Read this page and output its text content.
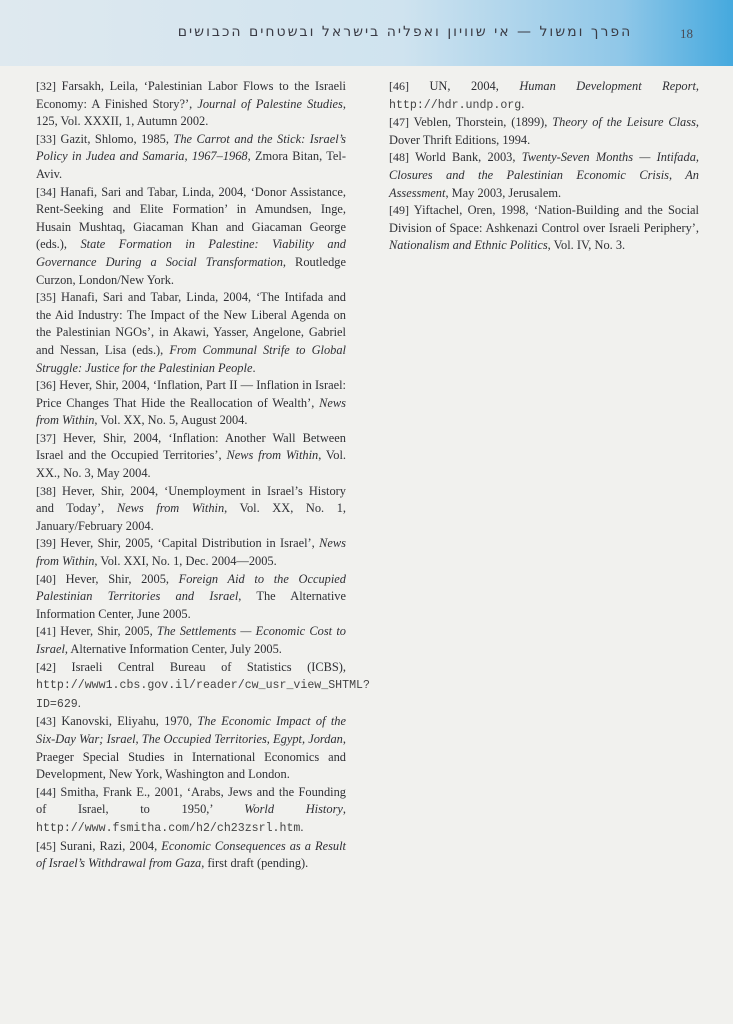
הפרך ומשול — אי שוויון ואפליה בישראל ובשטחים הכבושים	18

[32] Farsakh, Leila, ‘Palestinian Labor Flows to the Israeli Economy: A Finished Story?’, Journal of Palestine Studies, 125, Vol. XXXII, 1, Autumn 2002.

[33] Gazit, Shlomo, 1985, The Carrot and the Stick: Israel’s Policy in Judea and Samaria, 1967–1968, Zmora Bitan, Tel-Aviv.

[34] Hanafi, Sari and Tabar, Linda, 2004, ‘Donor Assistance, Rent-Seeking and Elite Formation’ in Amundsen, Inge, Husain Mushtaq, Giacaman Khan and Giacaman George (eds.), State Formation in Palestine: Viability and Governance During a Social Transformation, Routledge Curzon, London/New York.

[35] Hanafi, Sari and Tabar, Linda, 2004, ‘The Intifada and the Aid Industry: The Impact of the New Liberal Agenda on the Palestinian NGOs’, in Akawi, Yasser, Angelone, Gabriel and Nessan, Lisa (eds.), From Communal Strife to Global Struggle: Justice for the Palestinian People.

[36] Hever, Shir, 2004, ‘Inflation, Part II — Inflation in Israel: Price Changes That Hide the Reallocation of Wealth’, News from Within, Vol. XX, No. 5, August 2004.

[37] Hever, Shir, 2004, ‘Inflation: Another Wall Between Israel and the Occupied Territories’, News from Within, Vol. XX., No. 3, May 2004.

[38] Hever, Shir, 2004, ‘Unemployment in Israel’s History and Today’, News from Within, Vol. XX, No. 1, January/February 2004.

[39] Hever, Shir, 2005, ‘Capital Distribution in Israel’, News from Within, Vol. XXI, No. 1, Dec. 2004—2005.

[40] Hever, Shir, 2005, Foreign Aid to the Occupied Palestinian Territories and Israel, The Alternative Information Center, June 2005.

[41] Hever, Shir, 2005, The Settlements — Economic Cost to Israel, Alternative Information Center, July 2005.

[42] Israeli Central Bureau of Statistics (ICBS), http://www1.cbs.gov.il/reader/cw_usr_view_SHTML?ID=629.

[43] Kanovski, Eliyahu, 1970, The Economic Impact of the Six-Day War; Israel, The Occupied Territories, Egypt, Jordan, Praeger Special Studies in International Economics and Development, New York, Washington and London.

[44] Smitha, Frank E., 2001, ‘Arabs, Jews and the Founding of Israel, to 1950,’ World History, http://www.fsmitha.com/h2/ch23zsrl.htm.

[45] Surani, Razi, 2004, Economic Consequences as a Result of Israel’s Withdrawal from Gaza, first draft (pending).

[46] UN, 2004, Human Development Report, http://hdr.undp.org.

[47] Veblen, Thorstein, (1899), Theory of the Leisure Class, Dover Thrift Editions, 1994.

[48] World Bank, 2003, Twenty-Seven Months — Intifada, Closures and the Palestinian Economic Crisis, An Assessment, May 2003, Jerusalem.

[49] Yiftachel, Oren, 1998, ‘Nation-Building and the Social Division of Space: Ashkenazi Control over Israeli Periphery’, Nationalism and Ethnic Politics, Vol. IV, No. 3.
